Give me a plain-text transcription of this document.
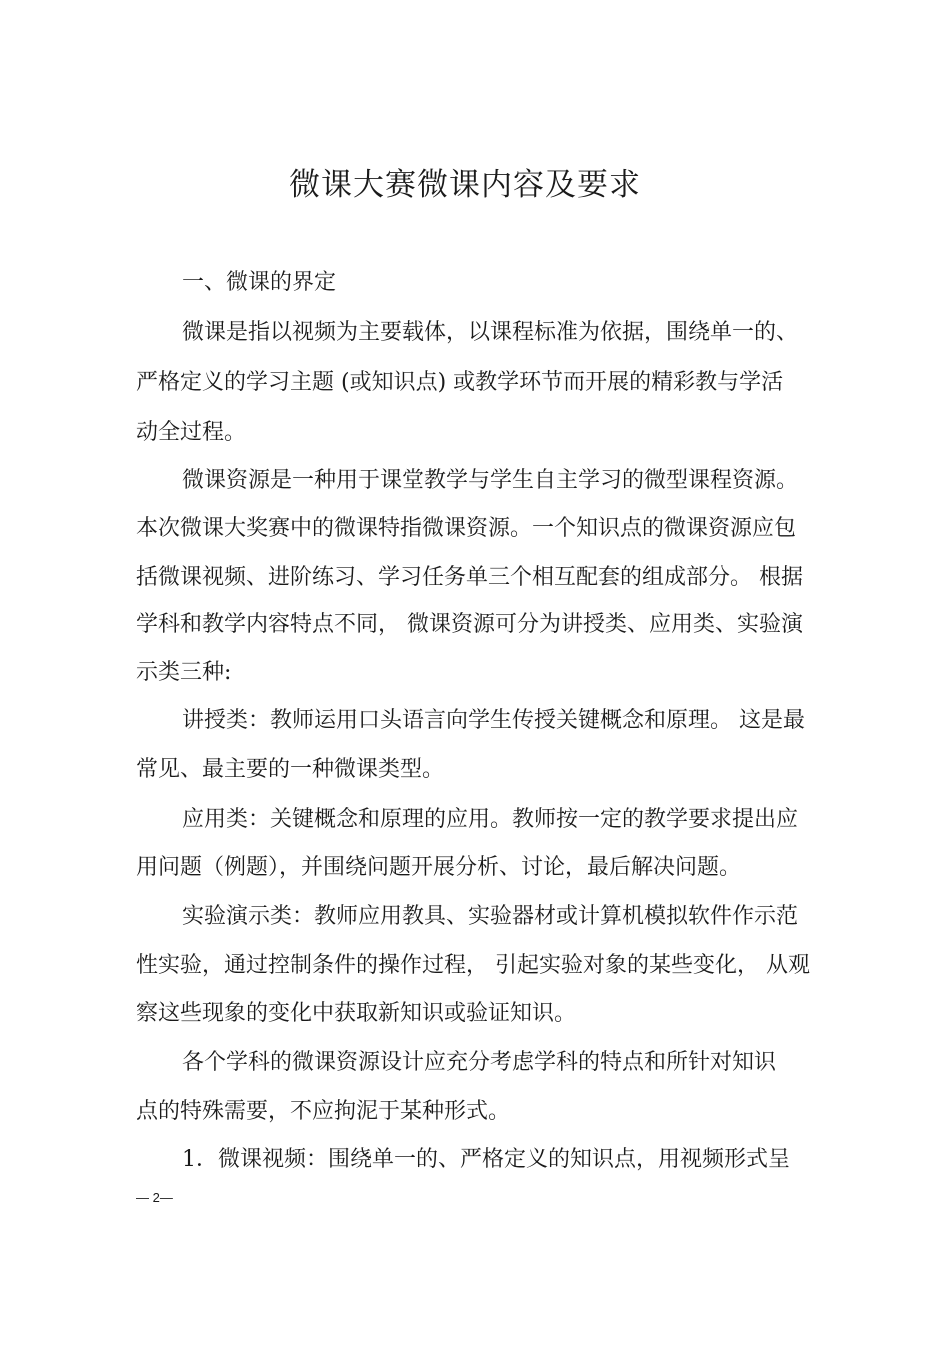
微课大赛微课内容及要求

一、微课的界定

微课是指以视频为主要载体，以课程标准为依据，围绕单一的、

严格定义的学习主题 (或知识点) 或教学环节而开展的精彩教与学活

动全过程。

微课资源是一种用于课堂教学与学生自主学习的微型课程资源。

本次微课大奖赛中的微课特指微课资源。一个知识点的微课资源应包

括微课视频、进阶练习、学习任务单三个相互配套的组成部分。 根据

学科和教学内容特点不同， 微课资源可分为讲授类、应用类、实验演

示类三种:

讲授类：教师运用口头语言向学生传授关键概念和原理。 这是最

常见、最主要的一种微课类型。

应用类：关键概念和原理的应用。教师按一定的教学要求提出应

用问题（例题），并围绕问题开展分析、讨论，最后解决问题。

实验演示类：教师应用教具、实验器材或计算机模拟软件作示范

性实验，通过控制条件的操作过程， 引起实验对象的某些变化， 从观

察这些现象的变化中获取新知识或验证知识。

各个学科的微课资源设计应充分考虑学科的特点和所针对知识

点的特殊需要，不应拘泥于某种形式。

1．微课视频：围绕单一的、严格定义的知识点，用视频形式呈

— 2—
